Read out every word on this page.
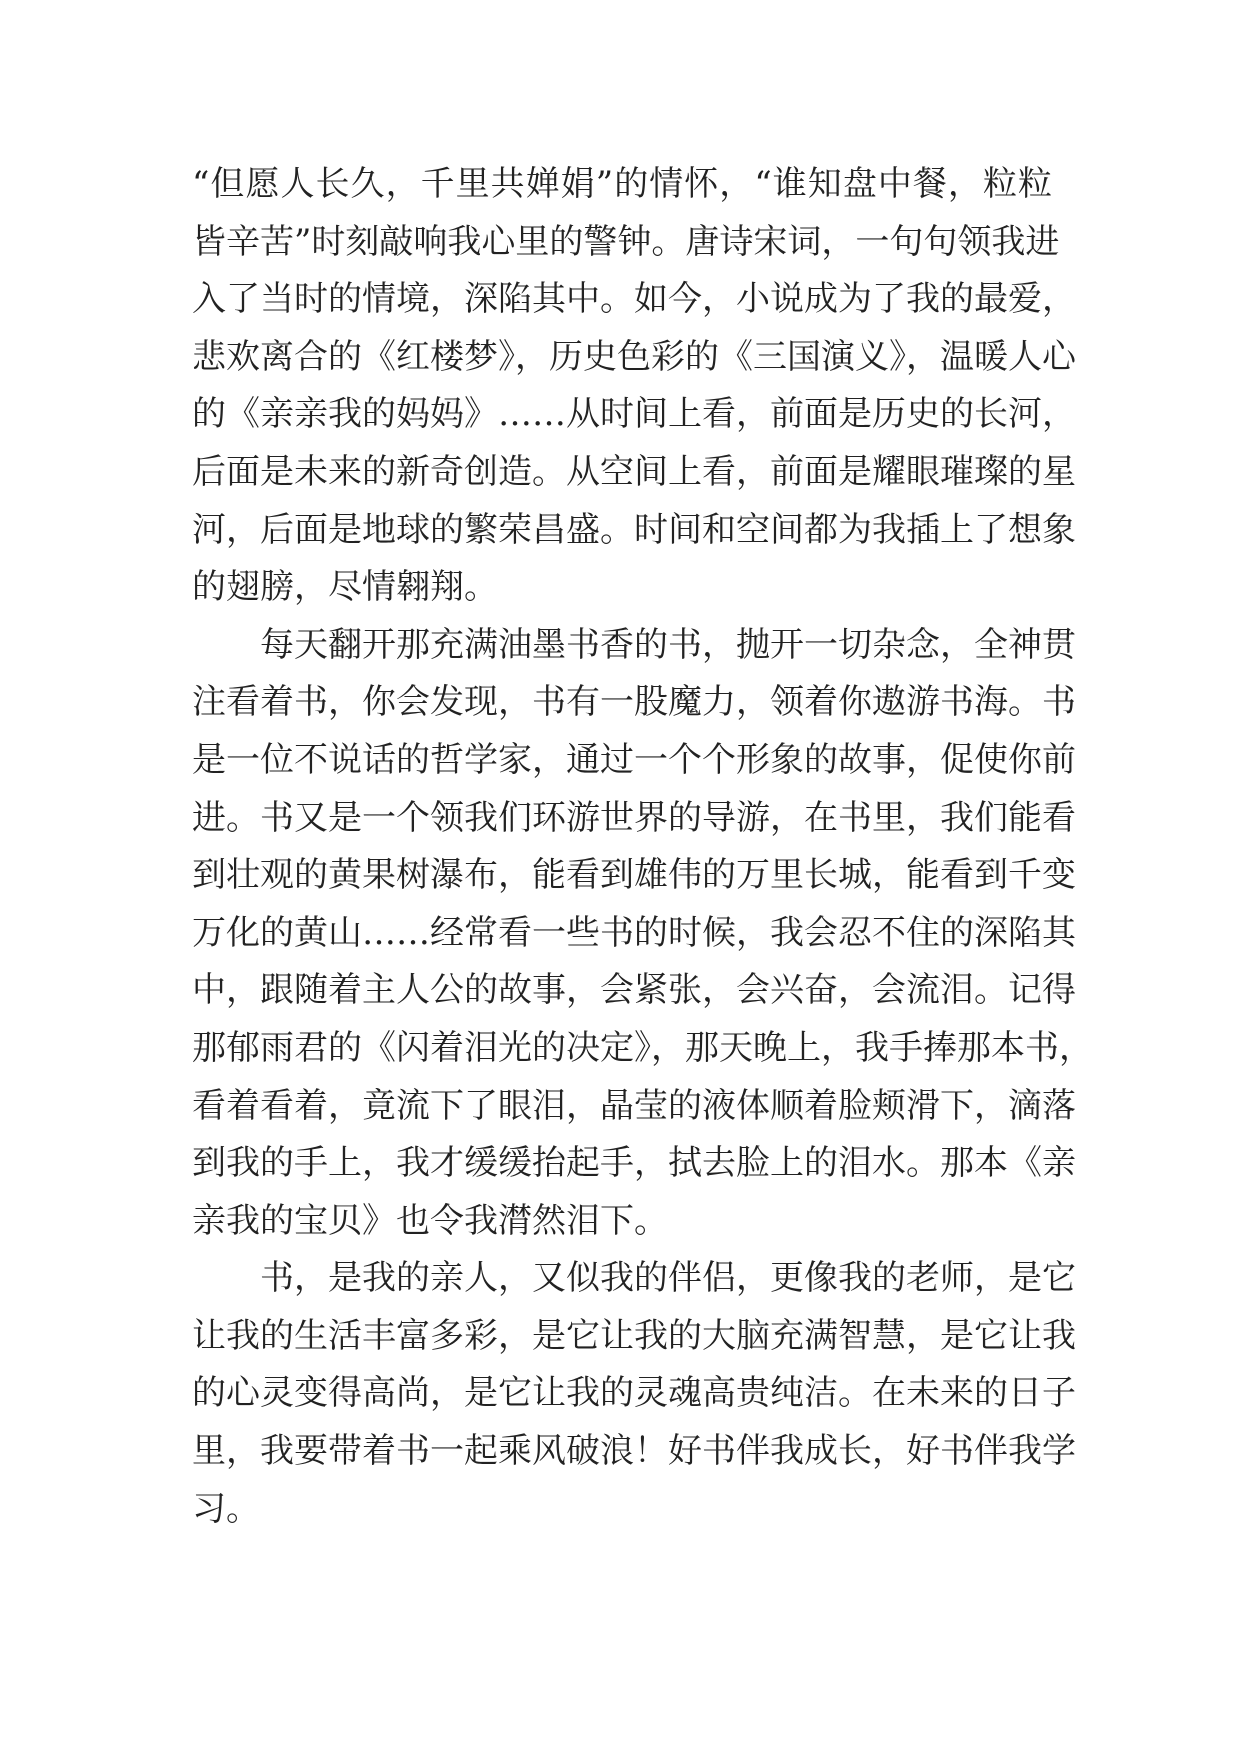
“但愿人长久，千里共婵娟”的情怀，“谁知盘中餐，粒粒
皆辛苦”时刻敲响我心里的警钟。唐诗宋词，一句句领我进
入了当时的情境，深陷其中。如今，小说成为了我的最爱，
悲欢离合的《红楼梦》，历史色彩的《三国演义》，温暖人心
的《亲亲我的妈妈》……从时间上看，前面是历史的长河，
后面是未来的新奇创造。从空间上看，前面是耀眼璀璨的星
河，后面是地球的繁荣昌盛。时间和空间都为我插上了想象
的翅膀，尽情翱翔。
每天翻开那充满油墨书香的书，抛开一切杂念，全神贯
注看着书，你会发现，书有一股魔力，领着你遨游书海。书
是一位不说话的哲学家，通过一个个形象的故事，促使你前
进。书又是一个领我们环游世界的导游，在书里，我们能看
到壮观的黄果树瀑布，能看到雄伟的万里长城，能看到千变
万化的黄山……经常看一些书的时候，我会忍不住的深陷其
中，跟随着主人公的故事，会紧张，会兴奋，会流泪。记得
那郁雨君的《闪着泪光的决定》，那天晚上，我手捧那本书，
看着看着，竟流下了眼泪，晶莹的液体顺着脸颊滑下，滴落
到我的手上，我才缓缓抬起手，拭去脸上的泪水。那本《亲
亲我的宝贝》也令我潸然泪下。
书，是我的亲人，又似我的伴侣，更像我的老师，是它
让我的生活丰富多彩，是它让我的大脑充满智慧，是它让我
的心灵变得高尚，是它让我的灵魂高贵纯洁。在未来的日子
里，我要带着书一起乘风破浪！好书伴我成长，好书伴我学
习。
